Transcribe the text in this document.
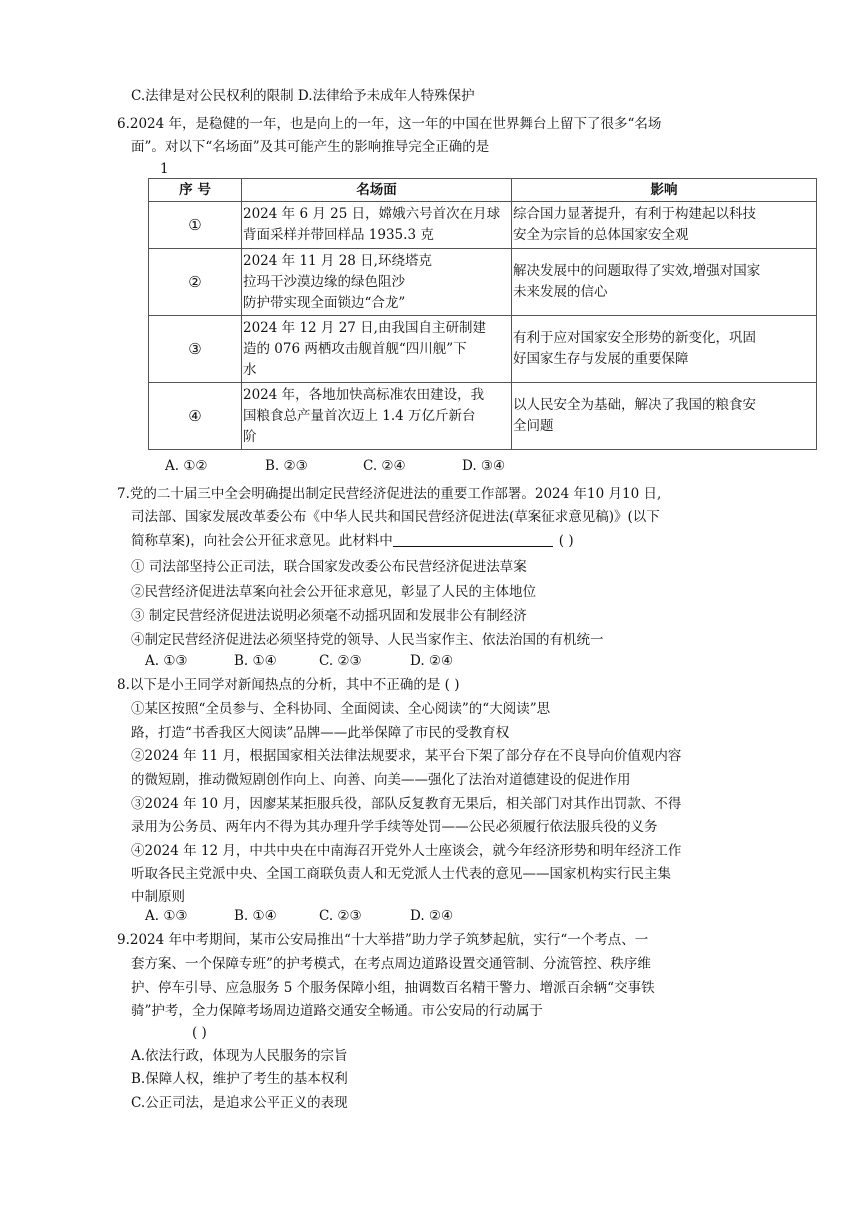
C.法律是对公民权利的限制 D.法律给予未成年人特殊保护
6.2024 年，是稳健的一年，也是向上的一年，这一年的中国在世界舞台上留下了很多“名场
面”。对以下“名场面”及其可能产生的影响推导完全正确的是
1
序 号	名场面	影响
①	2024 年 6 月 25 日，嫦娥六号首次在月球
背面采样并带回样品 1935.3 克	综合国力显著提升，有利于构建起以科技
安全为宗旨的总体国家安全观
②	2024 年 11 月 28 日,环绕塔克
拉玛干沙漠边缘的绿色阻沙
防护带实现全面锁边“合龙”	解决发展中的问题取得了实效,增强对国家
未来发展的信心
③	2024 年 12 月 27 日,由我国自主研制建
造的 076 两栖攻击舰首舰“四川舰”下
水	有利于应对国家安全形势的新变化，巩固
好国家生存与发展的重要保障
④	2024 年，各地加快高标准农田建设，我
国粮食总产量首次迈上 1.4 万亿斤新台
阶	以人民安全为基础，解决了我国的粮食安
全问题
A. ①②	B. ②③	C. ②④	D. ③④
7.党的二十届三中全会明确提出制定民营经济促进法的重要工作部署。2024 年10 月10 日,
司法部、国家发展改革委公布《中华人民共和国民营经济促进法(草案征求意见稿)》(以下
简称草案)，向社会公开征求意见。此材料中	( )
① 司法部坚持公正司法，联合国家发改委公布民营经济促进法草案
②民营经济促进法草案向社会公开征求意见，彰显了人民的主体地位
③ 制定民营经济促进法说明必须毫不动摇巩固和发展非公有制经济
④制定民营经济促进法必须坚持党的领导、人民当家作主、依法治国的有机统一
A. ①③	B. ①④	C. ②③	D. ②④
8.以下是小王同学对新闻热点的分析，其中不正确的是 ( )
①某区按照“全员参与、全科协同、全面阅读、全心阅读”的“大阅读”思
路，打造“书香我区大阅读”品牌——此举保障了市民的受教育权
②2024 年 11 月，根据国家相关法律法规要求，某平台下架了部分存在不良导向价值观内容
的微短剧，推动微短剧创作向上、向善、向美——强化了法治对道德建设的促进作用
③2024 年 10 月，因廖某某拒服兵役，部队反复教育无果后，相关部门对其作出罚款、不得
录用为公务员、两年内不得为其办理升学手续等处罚——公民必须履行依法服兵役的义务
④2024 年 12 月，中共中央在中南海召开党外人士座谈会，就今年经济形势和明年经济工作
听取各民主党派中央、全国工商联负责人和无党派人士代表的意见——国家机构实行民主集
中制原则
A. ①③	B. ①④	C. ②③	D. ②④
9.2024 年中考期间，某市公安局推出“十大举措”助力学子筑梦起航，实行“一个考点、一
套方案、一个保障专班”的护考模式，在考点周边道路设置交通管制、分流管控、秩序维
护、停车引导、应急服务 5 个服务保障小组，抽调数百名精干警力、增派百余辆“交事铁
骑”护考，全力保障考场周边道路交通安全畅通。市公安局的行动属于
( )
A.依法行政，体现为人民服务的宗旨
B.保障人权，维护了考生的基本权利
C.公正司法，是追求公平正义的表现
